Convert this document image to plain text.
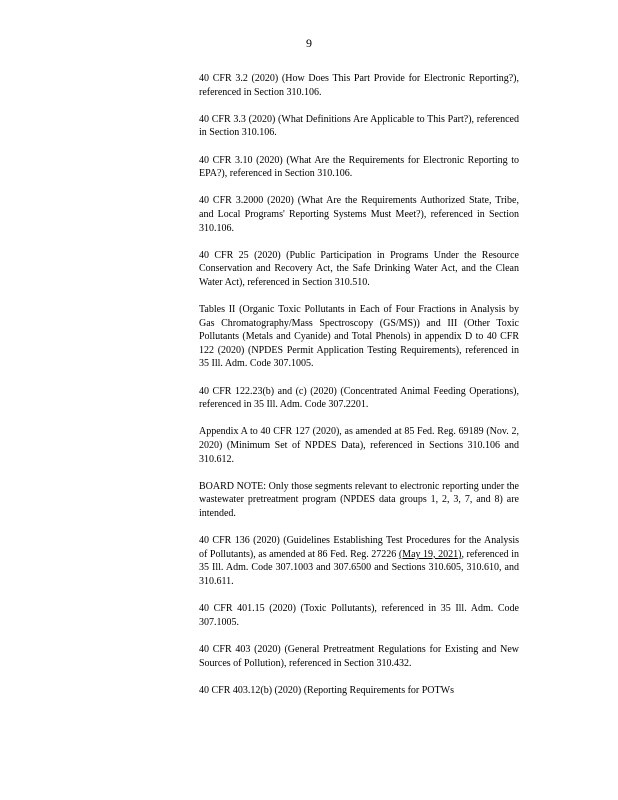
9

40 CFR 3.2 (2020) (How Does This Part Provide for Electronic Reporting?), referenced in Section 310.106.

40 CFR 3.3 (2020) (What Definitions Are Applicable to This Part?), referenced in Section 310.106.

40 CFR 3.10 (2020) (What Are the Requirements for Electronic Reporting to EPA?), referenced in Section 310.106.

40 CFR 3.2000 (2020) (What Are the Requirements Authorized State, Tribe, and Local Programs' Reporting Systems Must Meet?), referenced in Section 310.106.

40 CFR 25 (2020) (Public Participation in Programs Under the Resource Conservation and Recovery Act, the Safe Drinking Water Act, and the Clean Water Act), referenced in Section 310.510.

Tables II (Organic Toxic Pollutants in Each of Four Fractions in Analysis by Gas Chromatography/Mass Spectroscopy (GS/MS)) and III (Other Toxic Pollutants (Metals and Cyanide) and Total Phenols) in appendix D to 40 CFR 122 (2020) (NPDES Permit Application Testing Requirements), referenced in 35 Ill. Adm. Code 307.1005.

40 CFR 122.23(b) and (c) (2020) (Concentrated Animal Feeding Operations), referenced in 35 Ill. Adm. Code 307.2201.

Appendix A to 40 CFR 127 (2020), as amended at 85 Fed. Reg. 69189 (Nov. 2, 2020) (Minimum Set of NPDES Data), referenced in Sections 310.106 and 310.612.

BOARD NOTE: Only those segments relevant to electronic reporting under the wastewater pretreatment program (NPDES data groups 1, 2, 3, 7, and 8) are intended.

40 CFR 136 (2020) (Guidelines Establishing Test Procedures for the Analysis of Pollutants), as amended at 86 Fed. Reg. 27226 (May 19, 2021), referenced in 35 Ill. Adm. Code 307.1003 and 307.6500 and Sections 310.605, 310.610, and 310.611.

40 CFR 401.15 (2020) (Toxic Pollutants), referenced in 35 Ill. Adm. Code 307.1005.

40 CFR 403 (2020) (General Pretreatment Regulations for Existing and New Sources of Pollution), referenced in Section 310.432.

40 CFR 403.12(b) (2020) (Reporting Requirements for POTWs
